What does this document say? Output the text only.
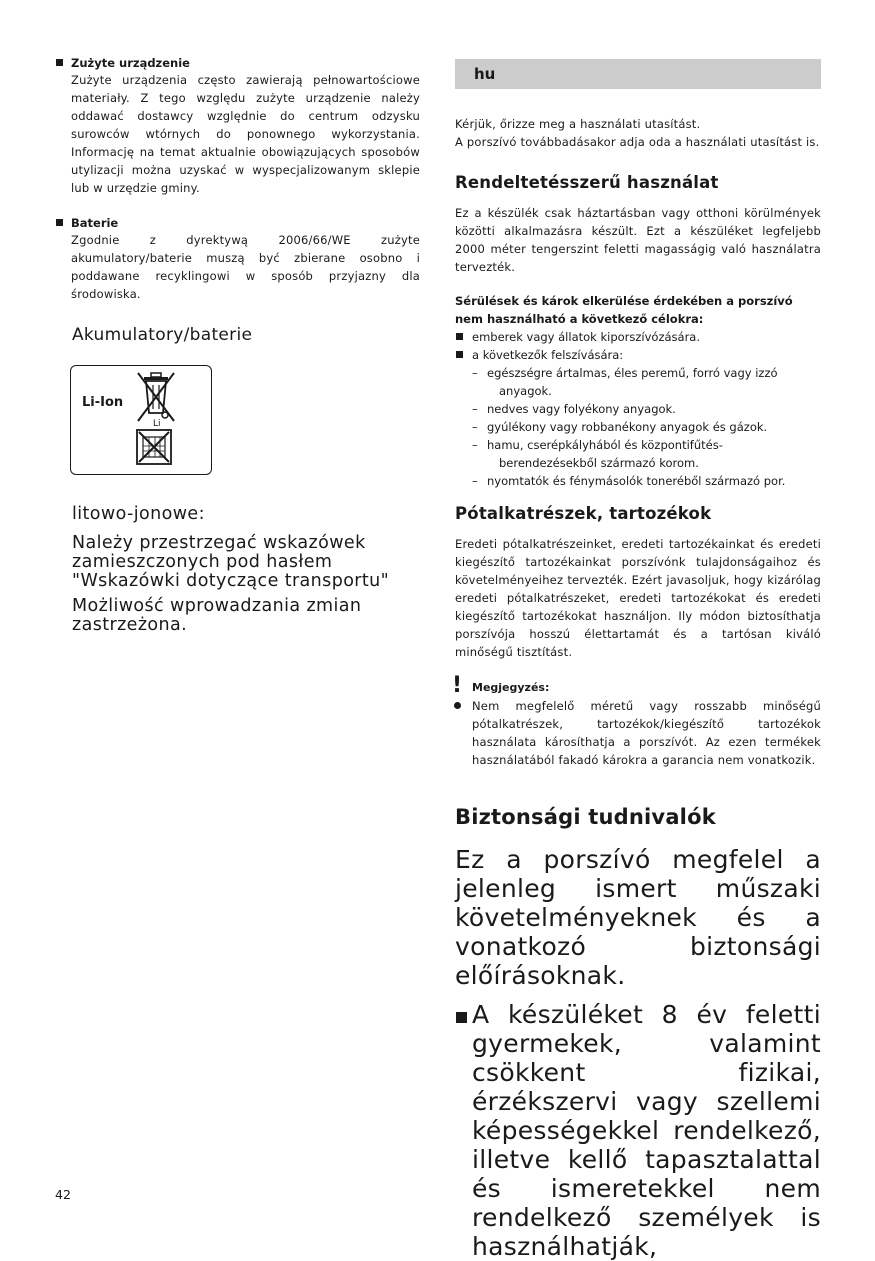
Zużyte urządzenie
Zużyte urządzenia często zawierają pełnowartościowe materiały. Z tego względu zużyte urządzenie należy oddawać dostawcy względnie do centrum odzysku surowców wtórnych do ponownego wykorzystania. Informację na temat aktualnie obowiązujących sposobów utylizacji można uzyskać w wyspecjalizowanym sklepie lub w urzędzie gminy.
Baterie
Zgodnie z dyrektywą 2006/66/WE zużyte akumulatory/baterie muszą być zbierane osobno i poddawane recyklingowi w sposób przyjazny dla środowiska.
Akumulatory/baterie
Li-Ion
Li
litowo-jonowe:
Należy przestrzegać wskazówek zamieszczonych pod hasłem "Wskazówki dotyczące transportu"
Możliwość wprowadzania zmian zastrzeżona.
hu
Kérjük, őrizze meg a használati utasítást.
A porszívó továbbadásakor adja oda a használati utasítást is.
Rendeltetésszerű használat
Ez a készülék csak háztartásban vagy otthoni körülmények közötti alkalmazásra készült. Ezt a készüléket legfeljebb 2000 méter tengerszint feletti magasságig való használatra tervezték.
Sérülések és károk elkerülése érdekében a porszívó nem használható a következő célokra:
emberek vagy állatok kiporszívózására.
a következők felszívására:
– egészségre ártalmas, éles peremű, forró vagy izzó
anyagok.
– nedves vagy folyékony anyagok.
– gyúlékony vagy robbanékony anyagok és gázok.
– hamu, cserépkályhából és központifűtés-
berendezésekből származó korom.
– nyomtatók és fénymásolók toneréből származó por.
Pótalkatrészek, tartozékok
Eredeti pótalkatrészeinket, eredeti tartozékainkat és eredeti kiegészítő tartozékainkat porszívónk tulajdonságaihoz és követelményeihez tervezték. Ezért javasoljuk, hogy kizárólag eredeti pótalkatrészeket, eredeti tartozékokat és eredeti kiegészítő tartozékokat használjon. Ily módon biztosíthatja porszívója hosszú élettartamát és a tartósan kiváló minőségű tisztítást.
! Megjegyzés:
Nem megfelelő méretű vagy rosszabb minőségű pótalkatrészek, tartozékok/kiegészítő tartozékok használata károsíthatja a porszívót. Az ezen termékek használatából fakadó károkra a garancia nem vonatkozik.
Biztonsági tudnivalók
Ez a porszívó megfelel a jelenleg ismert műszaki követelményeknek és a vonatkozó biztonsági előírásoknak.
A készüléket 8 év feletti gyermekek, valamint csökkent fizikai, érzékszervi vagy szellemi képességekkel rendelkező, illetve kellő tapasztalattal és ismeretekkel nem rendelkező személyek is használhatják,
42
